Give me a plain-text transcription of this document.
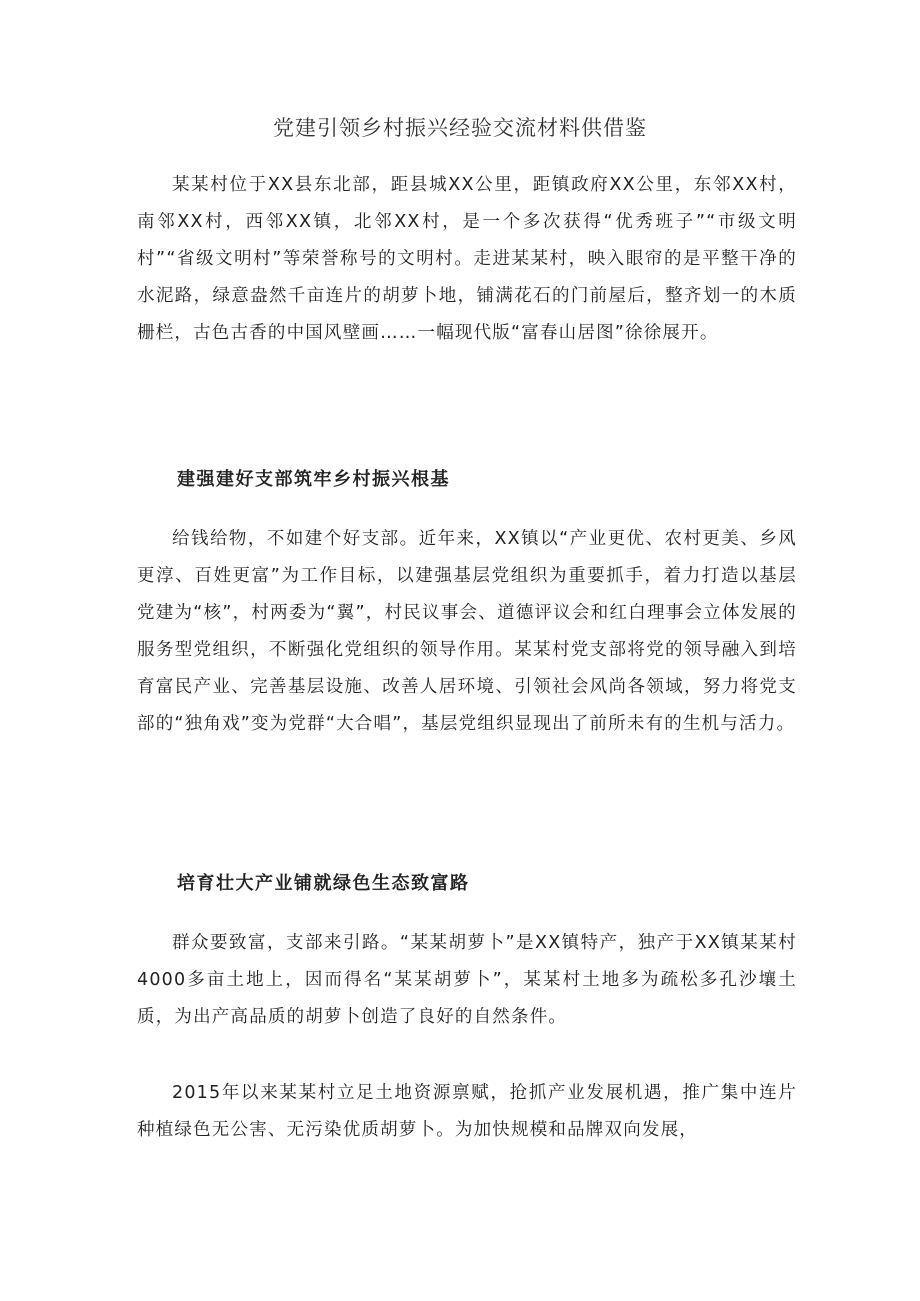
党建引领乡村振兴经验交流材料供借鉴

某某村位于XX县东北部，距县城XX公里，距镇政府XX公里，东邻XX村，南邻XX村，西邻XX镇，北邻XX村，是一个多次获得“优秀班子”“市级文明村”“省级文明村”等荣誉称号的文明村。走进某某村，映入眼帘的是平整干净的水泥路，绿意盎然千亩连片的胡萝卜地，铺满花石的门前屋后，整齐划一的木质栅栏，古色古香的中国风壁画……一幅现代版“富春山居图”徐徐展开。

建强建好支部筑牢乡村振兴根基

给钱给物，不如建个好支部。近年来，XX镇以“产业更优、农村更美、乡风更淳、百姓更富”为工作目标，以建强基层党组织为重要抓手，着力打造以基层党建为“核”，村两委为“翼”，村民议事会、道德评议会和红白理事会立体发展的服务型党组织，不断强化党组织的领导作用。某某村党支部将党的领导融入到培育富民产业、完善基层设施、改善人居环境、引领社会风尚各领域，努力将党支部的“独角戏”变为党群“大合唱”，基层党组织显现出了前所未有的生机与活力。

培育壮大产业铺就绿色生态致富路

群众要致富，支部来引路。“某某胡萝卜”是XX镇特产，独产于XX镇某某村4000多亩土地上，因而得名“某某胡萝卜”，某某村土地多为疏松多孔沙壤土质，为出产高品质的胡萝卜创造了良好的自然条件。

2015年以来某某村立足土地资源禀赋，抢抓产业发展机遇，推广集中连片种植绿色无公害、无污染优质胡萝卜。为加快规模和品牌双向发展，
